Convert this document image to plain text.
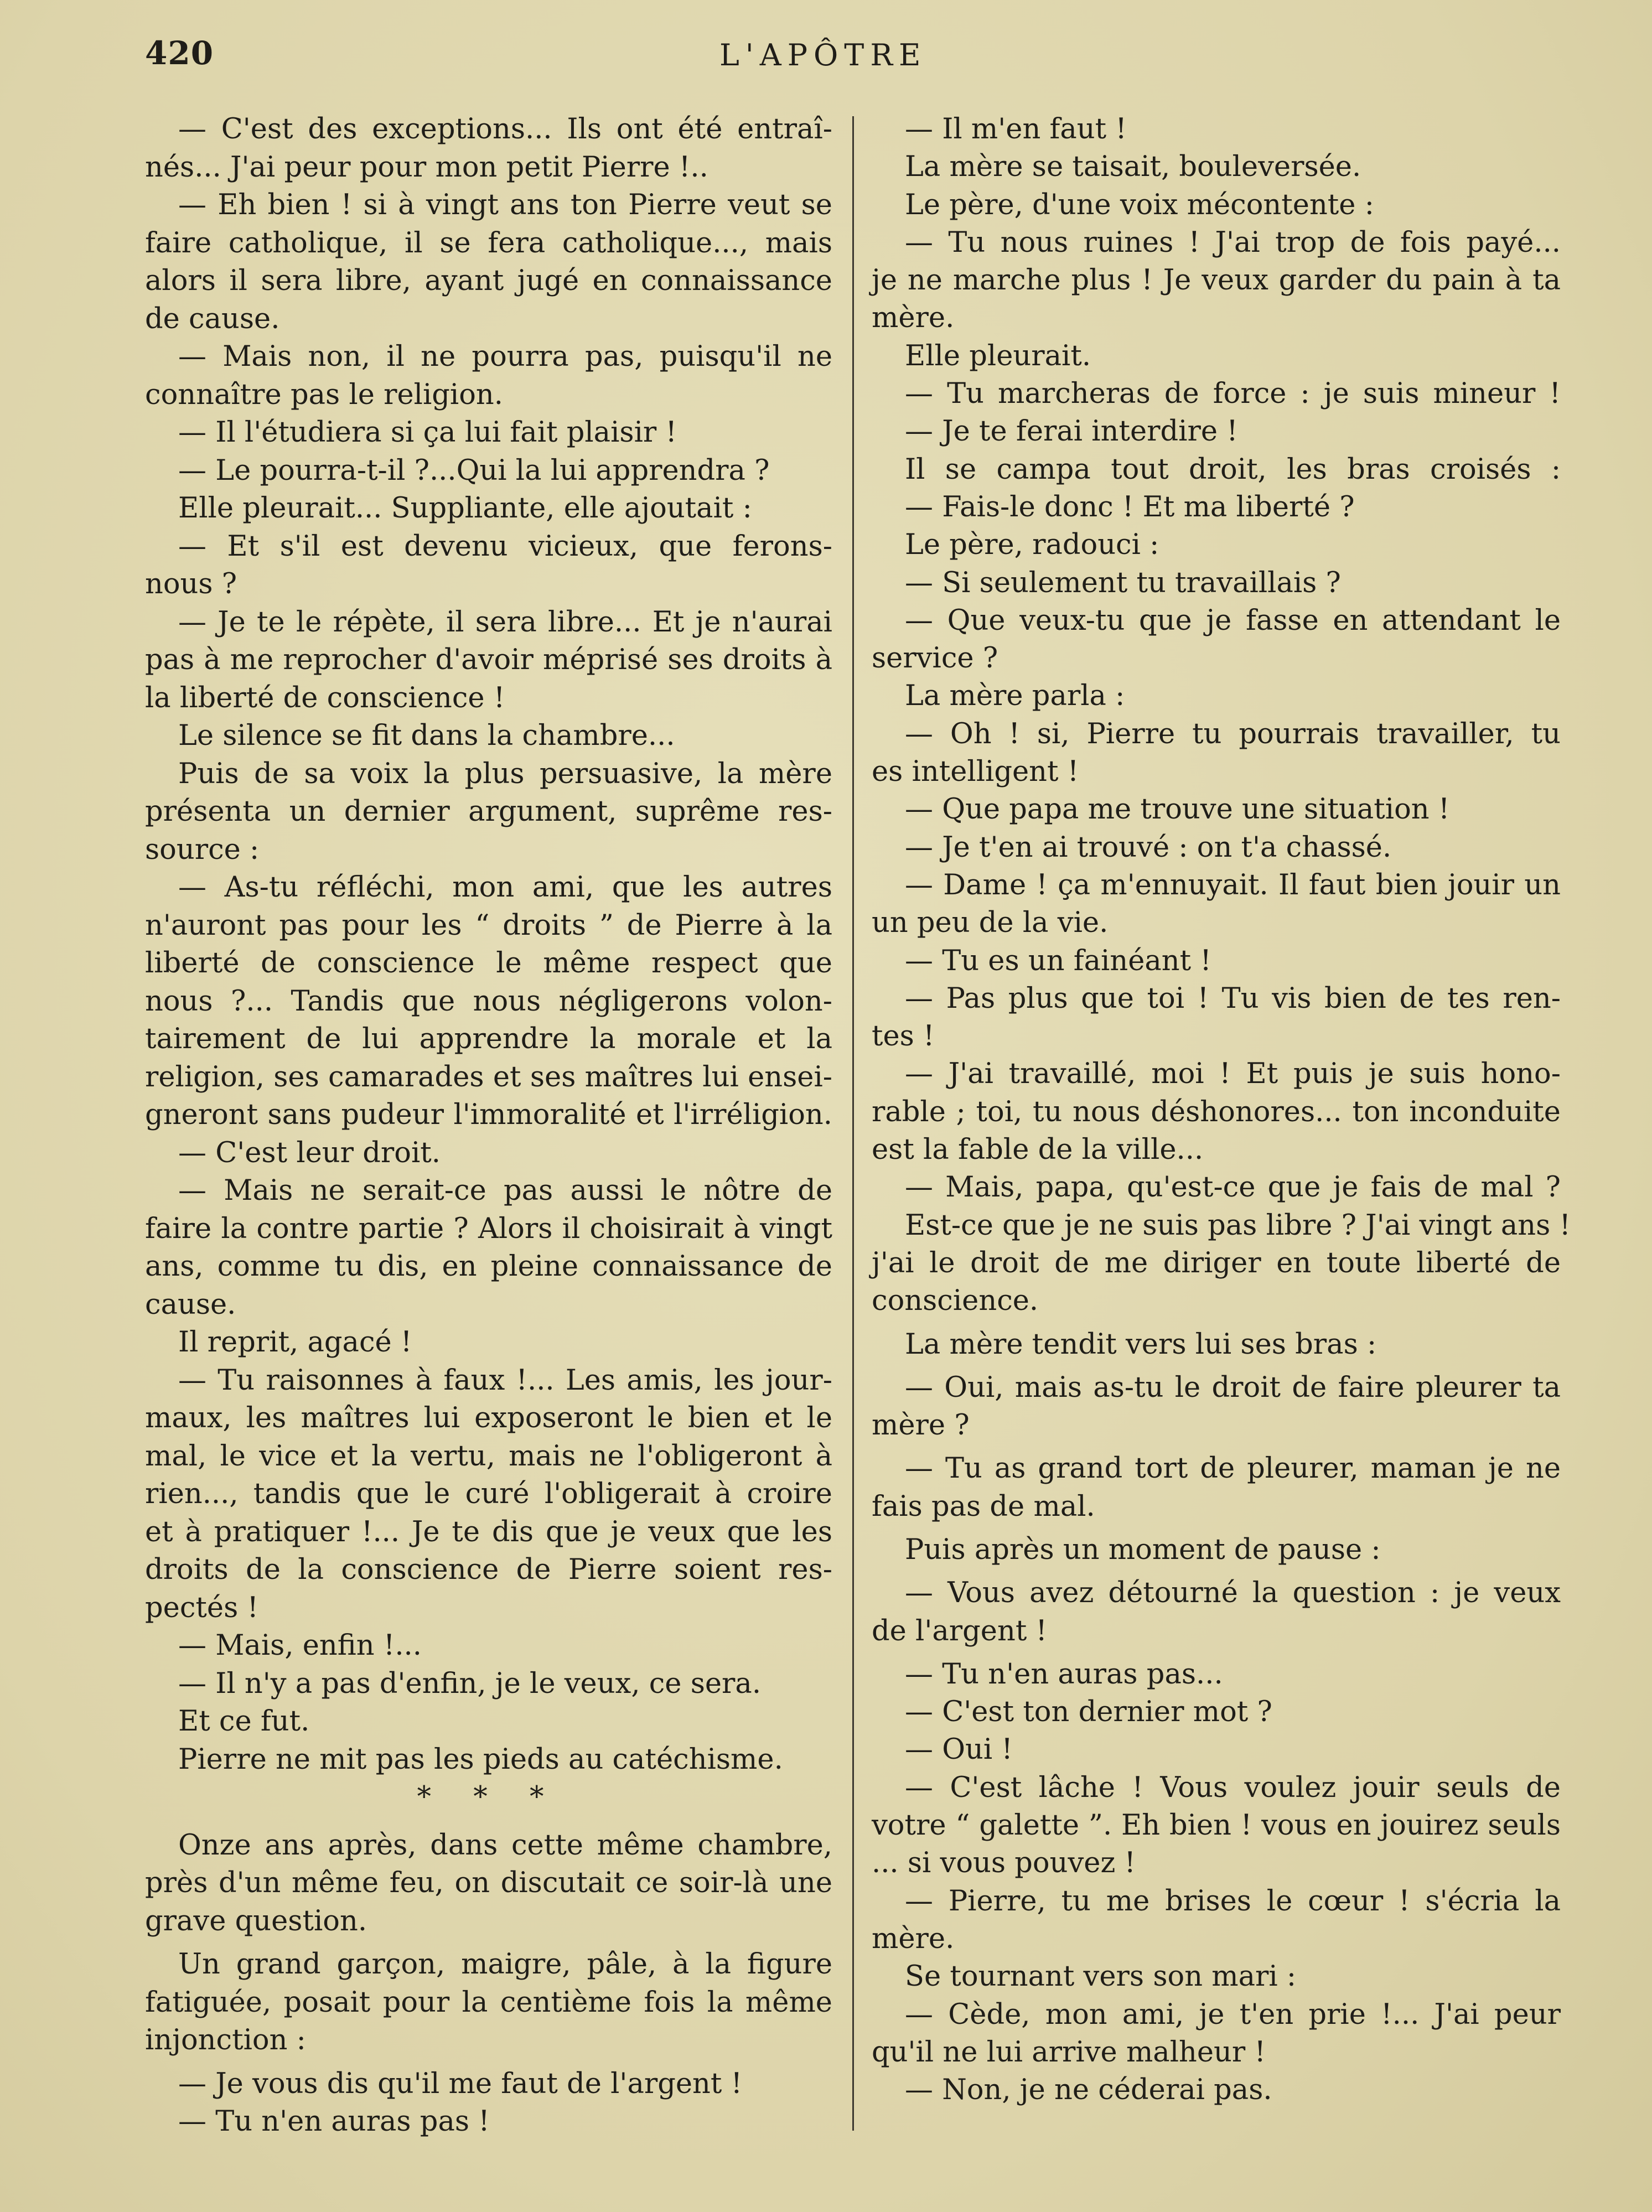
420	L'APÔTRE
— C'est des exceptions... Ils ont été entraî-
nés... J'ai peur pour mon petit Pierre !..
— Eh bien ! si à vingt ans ton Pierre veut se
faire catholique, il se fera catholique..., mais
alors il sera libre, ayant jugé en connaissance
de cause.
— Mais non, il ne pourra pas, puisqu'il ne
connaître pas le religion.
— Il l'étudiera si ça lui fait plaisir !
— Le pourra-t-il ?...Qui la lui apprendra ?
Elle pleurait... Suppliante, elle ajoutait :
— Et s'il est devenu vicieux, que ferons-
nous ?
— Je te le répète, il sera libre... Et je n'aurai
pas à me reprocher d'avoir méprisé ses droits à
la liberté de conscience !
Le silence se fit dans la chambre...
Puis de sa voix la plus persuasive, la mère
présenta un dernier argument, suprême res-
source :
— As-tu réfléchi, mon ami, que les autres
n'auront pas pour les “ droits ” de Pierre à la
liberté de conscience le même respect que
nous ?... Tandis que nous négligerons volon-
tairement de lui apprendre la morale et la
religion, ses camarades et ses maîtres lui ensei-
gneront sans pudeur l'immoralité et l'irréligion.
— C'est leur droit.
— Mais ne serait-ce pas aussi le nôtre de
faire la contre partie ? Alors il choisirait à vingt
ans, comme tu dis, en pleine connaissance de
cause.
Il reprit, agacé !
— Tu raisonnes à faux !... Les amis, les jour-
maux, les maîtres lui exposeront le bien et le
mal, le vice et la vertu, mais ne l'obligeront à
rien..., tandis que le curé l'obligerait à croire
et à pratiquer !... Je te dis que je veux que les
droits de la conscience de Pierre soient res-
pectés !
— Mais, enfin !...
— Il n'y a pas d'enfin, je le veux, ce sera.
Et ce fut.
Pierre ne mit pas les pieds au catéchisme.
* * *
Onze ans après, dans cette même chambre,
près d'un même feu, on discutait ce soir-là une
grave question.
Un grand garçon, maigre, pâle, à la figure
fatiguée, posait pour la centième fois la même
injonction :
— Je vous dis qu'il me faut de l'argent !
— Tu n'en auras pas !
— Il m'en faut !
La mère se taisait, bouleversée.
Le père, d'une voix mécontente :
— Tu nous ruines ! J'ai trop de fois payé...
je ne marche plus ! Je veux garder du pain à ta
mère.
Elle pleurait.
— Tu marcheras de force : je suis mineur !
— Je te ferai interdire !
Il se campa tout droit, les bras croisés :
— Fais-le donc ! Et ma liberté ?
Le père, radouci :
— Si seulement tu travaillais ?
— Que veux-tu que je fasse en attendant le
service ?
La mère parla :
— Oh ! si, Pierre tu pourrais travailler, tu
es intelligent !
— Que papa me trouve une situation !
— Je t'en ai trouvé : on t'a chassé.
— Dame ! ça m'ennuyait. Il faut bien jouir un
un peu de la vie.
— Tu es un fainéant !
— Pas plus que toi ! Tu vis bien de tes ren-
tes !
— J'ai travaillé, moi ! Et puis je suis hono-
rable ; toi, tu nous déshonores... ton inconduite
est la fable de la ville...
— Mais, papa, qu'est-ce que je fais de mal ?
Est-ce que je ne suis pas libre ? J'ai vingt ans !
j'ai le droit de me diriger en toute liberté de
conscience.
La mère tendit vers lui ses bras :
— Oui, mais as-tu le droit de faire pleurer ta
mère ?
— Tu as grand tort de pleurer, maman je ne
fais pas de mal.
Puis après un moment de pause :
— Vous avez détourné la question : je veux
de l'argent !
— Tu n'en auras pas...
— C'est ton dernier mot ?
— Oui !
— C'est lâche ! Vous voulez jouir seuls de
votre “ galette ”. Eh bien ! vous en jouirez seuls
... si vous pouvez !
— Pierre, tu me brises le cœur ! s'écria la
mère.
Se tournant vers son mari :
— Cède, mon ami, je t'en prie !... J'ai peur
qu'il ne lui arrive malheur !
— Non, je ne céderai pas.
